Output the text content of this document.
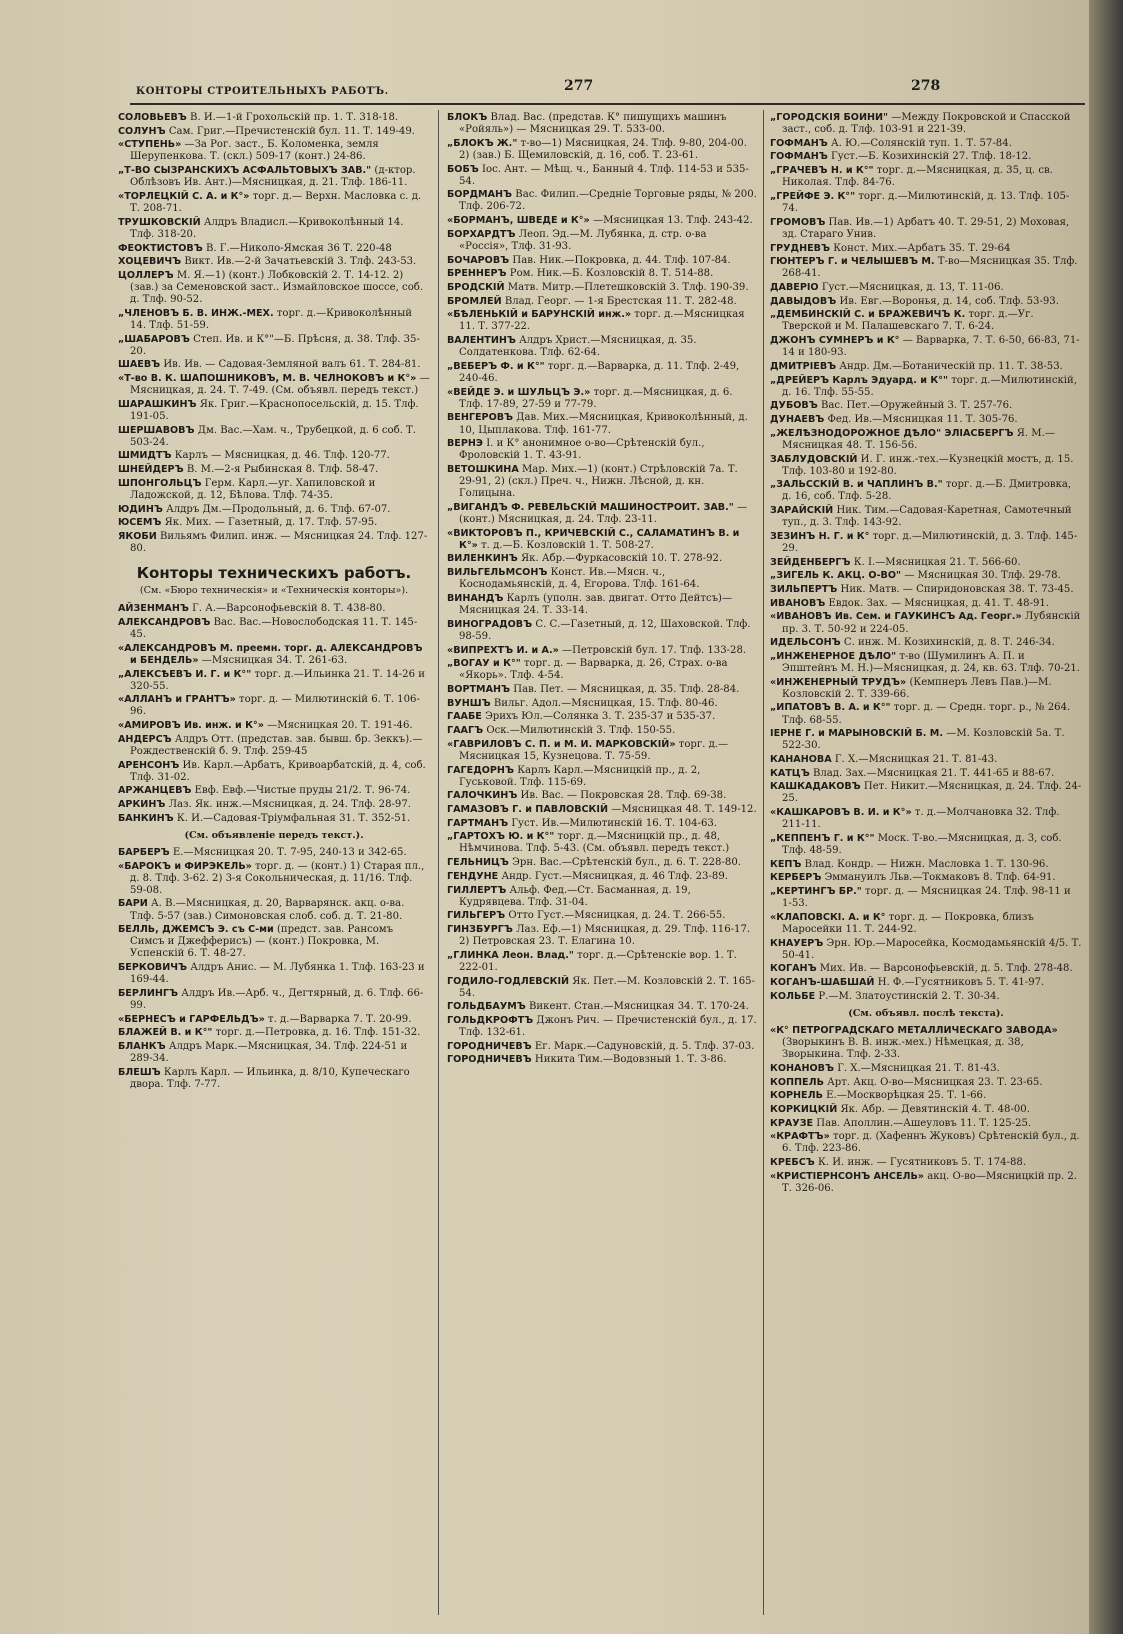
КОНТОРЫ СТРОИТЕЛЬНЫХЪ РАБОТЪ.	277	278

СОЛОВЬЕВЪ В. И.—1-й Грохольскій пр. 1. Т. 318-18.

СОЛУНЪ Сам. Григ.—Пречистенскій бул. 11. Т. 149-49.

«СТУПЕНЬ» —За Рог. заст., Б. Коломенка, земля Шерупенкова. Т. (скл.) 509-17 (конт.) 24-86.

„Т-ВО СЫЗРАНСКИХЪ АСФАЛЬТОВЫХЪ ЗАВ." (д-ктор. Облѣзовъ Ив. Ант.)—Мясницкая, д. 21. Тлф. 186-11.

«ТОРЛЕЦКІЙ С. А. и К°» торг. д.— Верхн. Масловка с. д. Т. 208-71.

ТРУШКОВСКІЙ Алдръ Владисл.—Кривоколѣнный 14. Тлф. 318-20.

ФЕОКТИСТОВЪ В. Г.—Николо-Ямская 36 Т. 220-48

ХОЦЕВИЧЪ Викт. Ив.—2-й Зачатьевскій 3. Тлф. 243-53.

ЦОЛЛЕРЪ М. Я.—1) (конт.) Лобковскій 2. Т. 14-12. 2) (зав.) за Семеновской заст.. Измайловское шоссе, соб. д. Тлф. 90-52.

„ЧЛЕНОВЪ Б. В. ИНЖ.-МЕХ. торг. д.—Кривоколѣнный 14. Тлф. 51-59.

„ШАБАРОВЪ Степ. Ив. и К°"—Б. Прѣсня, д. 38. Тлф. 35-20.

ШАЕВЪ Ив. Ив. — Садовая-Земляной валъ 61. Т. 284-81.

«Т-во В. К. ШАПОШНИКОВЪ, М. В. ЧЕЛНОКОВЪ и К°» —Мясницкая, д. 24. Т. 7-49. (См. объявл. передъ текст.)

ШАРАШКИНЪ Як. Григ.—Краснопосельскій, д. 15. Тлф. 191-05.

ШЕРШАВОВЪ Дм. Вас.—Хам. ч., Трубецкой, д. 6 соб. Т. 503-24.

ШМИДТЪ Карлъ — Мясницкая, д. 46. Тлф. 120-77.

ШНЕЙДЕРЪ В. М.—2-я Рыбинская 8. Тлф. 58-47.

ШПОНГОЛЬЦЪ Герм. Карл.—уг. Хапиловской и Ладожской, д. 12, Бѣлова. Тлф. 74-35.

ЮДИНЪ Алдръ Дм.—Продольный, д. 6. Тлф. 67-07.

ЮСЕМЪ Як. Мих. — Газетный, д. 17. Тлф. 57-95.

ЯКОБИ Вильямъ Филип. инж. — Мясницкая 24. Тлф. 127-80.

Конторы техническихъ работъ.
(См. «Бюро техническія» и «Техническія конторы»).

АЙЗЕНМАНЪ Г. А.—Варсонофьевскій 8. Т. 438-80.

АЛЕКСАНДРОВЪ Вас. Вас.—Новослободская 11. Т. 145-45.

«АЛЕКСАНДРОВЪ М. преемн. торг. д. АЛЕКСАНДРОВЪ и БЕНДЕЛЬ» —Мясницкая 34. Т. 261-63.

„АЛЕКСѢЕВЪ И. Г. и К°" торг. д.—Ильинка 21. Т. 14-26 и 320-55.

«АЛЛАНЪ и ГРАНТЪ» торг. д. — Милютинскій 6. Т. 106-96.

«АМИРОВЪ Ив. инж. и К°» —Мясницкая 20. Т. 191-46.

АНДЕРСЪ Алдръ Отт. (представ. зав. бывш. бр. Зеккъ).—Рождественскій б. 9. Тлф. 259-45

АРЕНСОНЪ Ив. Карл.—Арбатъ, Кривоарбатскій, д. 4, соб. Тлф. 31-02.

АРЖАНЦЕВЪ Евф. Евф.—Чистые пруды 21/2. Т. 96-74.

АРКИНЪ Лаз. Як. инж.—Мясницкая, д. 24. Тлф. 28-97.

БАНКИНЪ К. И.—Садовая-Тріумфальная 31. Т. 352-51.

(См. объявленіе передъ текст.).

БАРБЕРЪ Е.—Мясницкая 20. Т. 7-95, 240-13 и 342-65.

«БАРОКЪ и ФИРЭКЕЛЬ» торг. д. — (конт.) 1) Старая пл., д. 8. Тлф. 3-62. 2) 3-я Сокольническая, д. 11/16. Тлф. 59-08.

БАРИ А. В.—Мясницкая, д. 20, Варварянск. акц. о-ва. Тлф. 5-57 (зав.) Симоновская слоб. соб. д. Т. 21-80.

БЕЛЛЬ, ДЖЕМСЪ Э. съ С-ми (предст. зав. Рансомъ Симсъ и Джефферисъ) — (конт.) Покровка, М. Успенскій 6. Т. 48-27.

БЕРКОВИЧЪ Алдръ Анис. — М. Лубянка 1. Тлф. 163-23 и 169-44.

БЕРЛИНГЪ Алдръ Ив.—Арб. ч., Дегтярный, д. 6. Тлф. 66-99.

«БЕРНЕСЪ и ГАРФЕЛЬДЪ» т. д.—Варварка 7. Т. 20-99.

БЛАЖЕЙ В. и К°" торг. д.—Петровка, д. 16. Тлф. 151-32.

БЛАНКЪ Алдръ Марк.—Мясницкая, 34. Тлф. 224-51 и 289-34.

БЛЕШЪ Карлъ Карл. — Ильинка, д. 8/10, Купеческаго двора. Тлф. 7-77.

БЛОКЪ Влад. Вас. (представ. К° пишущихъ машинъ «Ройяль») — Мясницкая 29. Т. 533-00.

„БЛОКЪ Ж." т-во—1) Мясницкая, 24. Тлф. 9-80, 204-00. 2) (зав.) Б. Щемиловскій, д. 16, соб. Т. 23-61.

БОБЪ Іос. Ант. — Мѣщ. ч., Банный 4. Тлф. 114-53 и 535-54.

БОРДМАНЪ Вас. Филип.—Средніе Торговые ряды, № 200. Тлф. 206-72.

«БОРМАНЪ, ШВЕДЕ и К°» —Мясницкая 13. Тлф. 243-42.

БОРХАРДТЪ Леоп. Эд.—М. Лубянка, д. стр. о-ва «Россія», Тлф. 31-93.

БОЧАРОВЪ Пав. Ник.—Покровка, д. 44. Тлф. 107-84.

БРЕННЕРЪ Ром. Ник.—Б. Козловскій 8. Т. 514-88.

БРОДСКІЙ Матв. Митр.—Плетешковскій 3. Тлф. 190-39.

БРОМЛЕЙ Влад. Георг. — 1-я Брестская 11. Т. 282-48.

«БѢЛЕНЬКІЙ и БАРУНСКІЙ инж.» торг. д.—Мясницкая 11. Т. 377-22.

ВАЛЕНТИНЪ Алдръ Христ.—Мясницкая, д. 35. Солдатенкова. Тлф. 62-64.

„ВЕБЕРЪ Ф. и К°" торг. д.—Варварка, д. 11. Тлф. 2-49, 240-46.

«ВЕЙДЕ Э. и ШУЛЬЦЪ Э.» торг. д.—Мясницкая, д. 6. Тлф. 17-89, 27-59 и 77-79.

ВЕНГЕРОВЪ Дав. Мих.—Мясницкая, Кривоколѣнный, д. 10, Цыплакова. Тлф. 161-77.

ВЕРНЭ I. и К° анонимное о-во—Срѣтенскій бул., Фроловскій 1. Т. 43-91.

ВЕТОШКИНА Мар. Мих.—1) (конт.) Стрѣловскій 7а. Т. 29-91, 2) (скл.) Преч. ч., Нижн. Лѣсной, д. кн. Голицына.

„ВИГАНДЪ Ф. РЕВЕЛЬСКІЙ МАШИНОСТРОИТ. ЗАВ." —(конт.) Мясницкая, д. 24. Тлф. 23-11.

«ВИКТОРОВЪ П., КРИЧЕВСКІЙ С., САЛАМАТИНЪ В. и К°» т. д.—Б. Козловскій 1. Т. 508-27.

ВИЛЕНКИНЪ Як. Абр.—Фуркасовскій 10. Т. 278-92.

ВИЛЬГЕЛЬМСОНЪ Конст. Ив.—Мясн. ч., Коснодамьянскій, д. 4, Егорова. Тлф. 161-64.

ВИНАНДЪ Карлъ (уполн. зав. двигат. Отто Дейтсъ)—Мясницкая 24. Т. 33-14.

ВИНОГРАДОВЪ С. С.—Газетный, д. 12, Шаховской. Тлф. 98-59.

«ВИПРЕХТЪ И. и А.» —Петровскій бул. 17. Тлф. 133-28.

„ВОГАУ и К°" торг. д. — Варварка, д. 26, Страх. о-ва «Якорь». Тлф. 4-54.

ВОРТМАНЪ Пав. Пет. — Мясницкая, д. 35. Тлф. 28-84.

ВУНШЪ Вильг. Адол.—Мясницкая, 15. Тлф. 80-46.

ГААБЕ Эрихъ Юл.—Солянка 3. Т. 235-37 и 535-37.

ГААГЪ Оск.—Милютинскій 3. Тлф. 150-55.

«ГАВРИЛОВЪ С. П. и М. И. МАРКОВСКІЙ» торг. д.—Мясницкая 15, Кузнецова. Т. 75-59.

ГАГЕДОРНЪ Карлъ Карл.—Мясницкій пр., д. 2, Гуськовой. Тлф. 115-69.

ГАЛОЧКИНЪ Ив. Вас. — Покровская 28. Тлф. 69-38.

ГАМАЗОВЪ Г. и ПАВЛОВСКІЙ —Мясницкая 48. Т. 149-12.

ГАРТМАНЪ Густ. Ив.—Милютинскій 16. Т. 104-63.

„ГАРТОХЪ Ю. и К°" торг. д.—Мясницкій пр., д. 48, Нѣмчинова. Тлф. 5-43. (См. объявл. передъ текст.)

ГЕЛЬНИЦЪ Эрн. Вас.—Срѣтенскій бул., д. 6. Т. 228-80.

ГЕНДУНЕ Андр. Густ.—Мясницкая, д. 46 Тлф. 23-89.

ГИЛЛЕРТЪ Альф. Фед.—Ст. Басманная, д. 19, Кудрявцева. Тлф. 31-04.

ГИЛЬГЕРЪ Отто Густ.—Мясницкая, д. 24. Т. 266-55.

ГИНЗБУРГЪ Лаз. Еф.—1) Мясницкая, д. 29. Тлф. 116-17. 2) Петровская 23. Т. Елагина 10.

„ГЛИНКА Леон. Влад." торг. д.—Срѣтенскіе вор. 1. Т. 222-01.

ГОДИЛО-ГОДЛЕВСКІЙ Як. Пет.—М. Козловскій 2. Т. 165-54.

ГОЛЬДБАУМЪ Викент. Стан.—Мясницкая 34. Т. 170-24.

ГОЛЬДКРОФТЪ Джонъ Рич. — Пречистенскій бул., д. 17. Тлф. 132-61.

ГОРОДНИЧЕВЪ Ег. Марк.—Садуновскій, д. 5. Тлф. 37-03.

ГОРОДНИЧЕВЪ Никита Тим.—Водовзный 1. Т. 3-86.

„ГОРОДСКІЯ БОЙНИ" —Между Покровской и Спасской заст., соб. д. Тлф. 103-91 и 221-39.

ГОФМАНЪ А. Ю.—Солянскій туп. 1. Т. 57-84.

ГОФМАНЪ Густ.—Б. Козихинскій 27. Тлф. 18-12.

„ГРАЧЕВЪ Н. и К°" торг. д.—Мясницкая, д. 35, ц. св. Николая. Тлф. 84-76.

„ГРЕЙФЕ Э. К°" торг. д.—Милютинскій, д. 13. Тлф. 105-74.

ГРОМОВЪ Пав. Ив.—1) Арбатъ 40. Т. 29-51, 2) Моховая, зд. Стараго Унив.

ГРУДНЕВЪ Конст. Мих.—Арбатъ 35. Т. 29-64

ГЮНТЕРЪ Г. и ЧЕЛЫШЕВЪ М. Т-во—Мясницкая 35. Тлф. 268-41.

ДАВЕРІО Густ.—Мясницкая, д. 13, Т. 11-06.

ДАВЫДОВЪ Ив. Евг.—Воронья, д. 14, соб. Тлф. 53-93.

„ДЕМБИНСКІЙ С. и БРАЖЕВИЧЪ К. торг. д.—Уг. Тверской и М. Палашевскаго 7. Т. 6-24.

ДЖОНЪ СУМНЕРЪ и К° — Варварка, 7. Т. 6-50, 66-83, 71-14 и 180-93.

ДМИТРІЕВЪ Андр. Дм.—Ботаническій пр. 11. Т. 38-53.

„ДРЕЙЕРЪ Карлъ Эдуард. и К°" торг. д.—Милютинскій, д. 16. Тлф. 55-55.

ДУБОВЪ Вас. Пет.—Оружейный 3. Т. 257-76.

ДУНАЕВЪ Фед. Ив.—Мясницкая 11. Т. 305-76.

„ЖЕЛѢЗНОДОРОЖНОЕ ДѢЛО" ЭЛІАСБЕРГЪ Я. М.—Мясницкая 48. Т. 156-56.

ЗАБЛУДОВСКІЙ И. Г. инж.-тех.—Кузнецкій мостъ, д. 15. Тлф. 103-80 и 192-80.

„ЗАЛЬССКІЙ В. и ЧАПЛИНЪ В." торг. д.—Б. Дмитровка, д. 16, соб. Тлф. 5-28.

ЗАРАЙСКІЙ Ник. Тим.—Садовая-Каретная, Самотечный туп., д. 3. Тлф. 143-92.

ЗЕЗИНЪ Н. Г. и К° торг. д.—Милютинскій, д. 3. Тлф. 145-29.

ЗЕЙДЕНБЕРГЪ К. I.—Мясницкая 21. Т. 566-60.

„ЗИГЕЛЬ К. АКЦ. О-ВО" — Мясницкая 30. Тлф. 29-78.

ЗИЛЬПЕРТЪ Ник. Матв. — Спиридоновская 38. Т. 73-45.

ИВАНОВЪ Евдок. Зах. — Мясницкая, д. 41. Т. 48-91.

«ИВАНОВЪ Ив. Сем. и ГАУКИНСЪ Ад. Георг.» Лубянскій пр. 3. Т. 50-92 и 224-05.

ИДЕЛЬСОНЪ С. инж. М. Козихинскій, д. 8. Т. 246-34.

„ИНЖЕНЕРНОЕ ДѢЛО" т-во (Шумилинъ А. П. и Эпштейнъ М. Н.)—Мясницкая, д. 24, кв. 63. Тлф. 70-21.

«ИНЖЕНЕРНЫЙ ТРУДЪ» (Кемпнеръ Левъ Пав.)—М. Козловскій 2. Т. 339-66.

„ИПАТОВЪ В. А. и К°" торг. д. — Средн. торг. р., № 264. Тлф. 68-55.

ІЕРНЕ Г. и МАРЫНОВСКІЙ Б. М. —М. Козловскій 5а. Т. 522-30.

КАНАНОВА Г. Х.—Мясницкая 21. Т. 81-43.

КАТЦЪ Влад. Зах.—Мясницкая 21. Т. 441-65 и 88-67.

КАШКАДАКОВЪ Пет. Никит.—Мясницкая, д. 24. Тлф. 24-25.

«КАШКАРОВЪ В. И. и К°» т. д.—Молчановка 32. Тлф. 211-11.

„КЕППЕНЪ Г. и К°" Моск. Т-во.—Мясницкая, д. 3, соб. Тлф. 48-59.

КЕПЪ Влад. Кондр. — Нижн. Масловка 1. Т. 130-96.

КЕРБЕРЪ Эммануилъ Льв.—Токмаковъ 8. Тлф. 64-91.

„КЕРТИНГЪ БР." торг. д. — Мясницкая 24. Тлф. 98-11 и 1-53.

«КЛАПОВСКІ. А. и К° торг. д. — Покровка, близъ Маросейки 11. Т. 244-92.

КНАУЕРЪ Эрн. Юр.—Маросейка, Космодамьянскій 4/5. Т. 50-41.

КОГАНЪ Мих. Ив. — Варсонофьевскій, д. 5. Тлф. 278-48.

КОГАНЪ-ШАБШАЙ Н. Ф.—Гусятниковъ 5. Т. 41-97.

КОЛЬБЕ Р.—М. Златоустинскій 2. Т. 30-34.

(См. объявл. послѣ текста).

«К° ПЕТРОГРАДСКАГО МЕТАЛЛИЧЕСКАГО ЗАВОДА» (Зворыкинъ В. В. инж.-мех.) Нѣмецкая, д. 38, Зворыкина. Тлф. 2-33.

КОНАНОВЪ Г. Х.—Мясницкая 21. Т. 81-43.

КОППЕЛЬ Арт. Акц. О-во—Мясницкая 23. Т. 23-65.

КОРНЕЛЬ Е.—Москворѣцкая 25. Т. 1-66.

КОРКИЦКІЙ Як. Абр. — Девятинскій 4. Т. 48-00.

КРАУЗЕ Пав. Аполлин.—Ашеуловъ 11. Т. 125-25.

«КРАФТЪ» торг. д. (Хафеннъ Жуковъ) Срѣтенскій бул., д. 6. Тлф. 223-86.

КРЕБСЪ К. И. инж. — Гусятниковъ 5. Т. 174-88.

«КРИСТІЕРНСОНЪ АНСЕЛЬ» акц. О-во—Мясницкій пр. 2. Т. 326-06.
